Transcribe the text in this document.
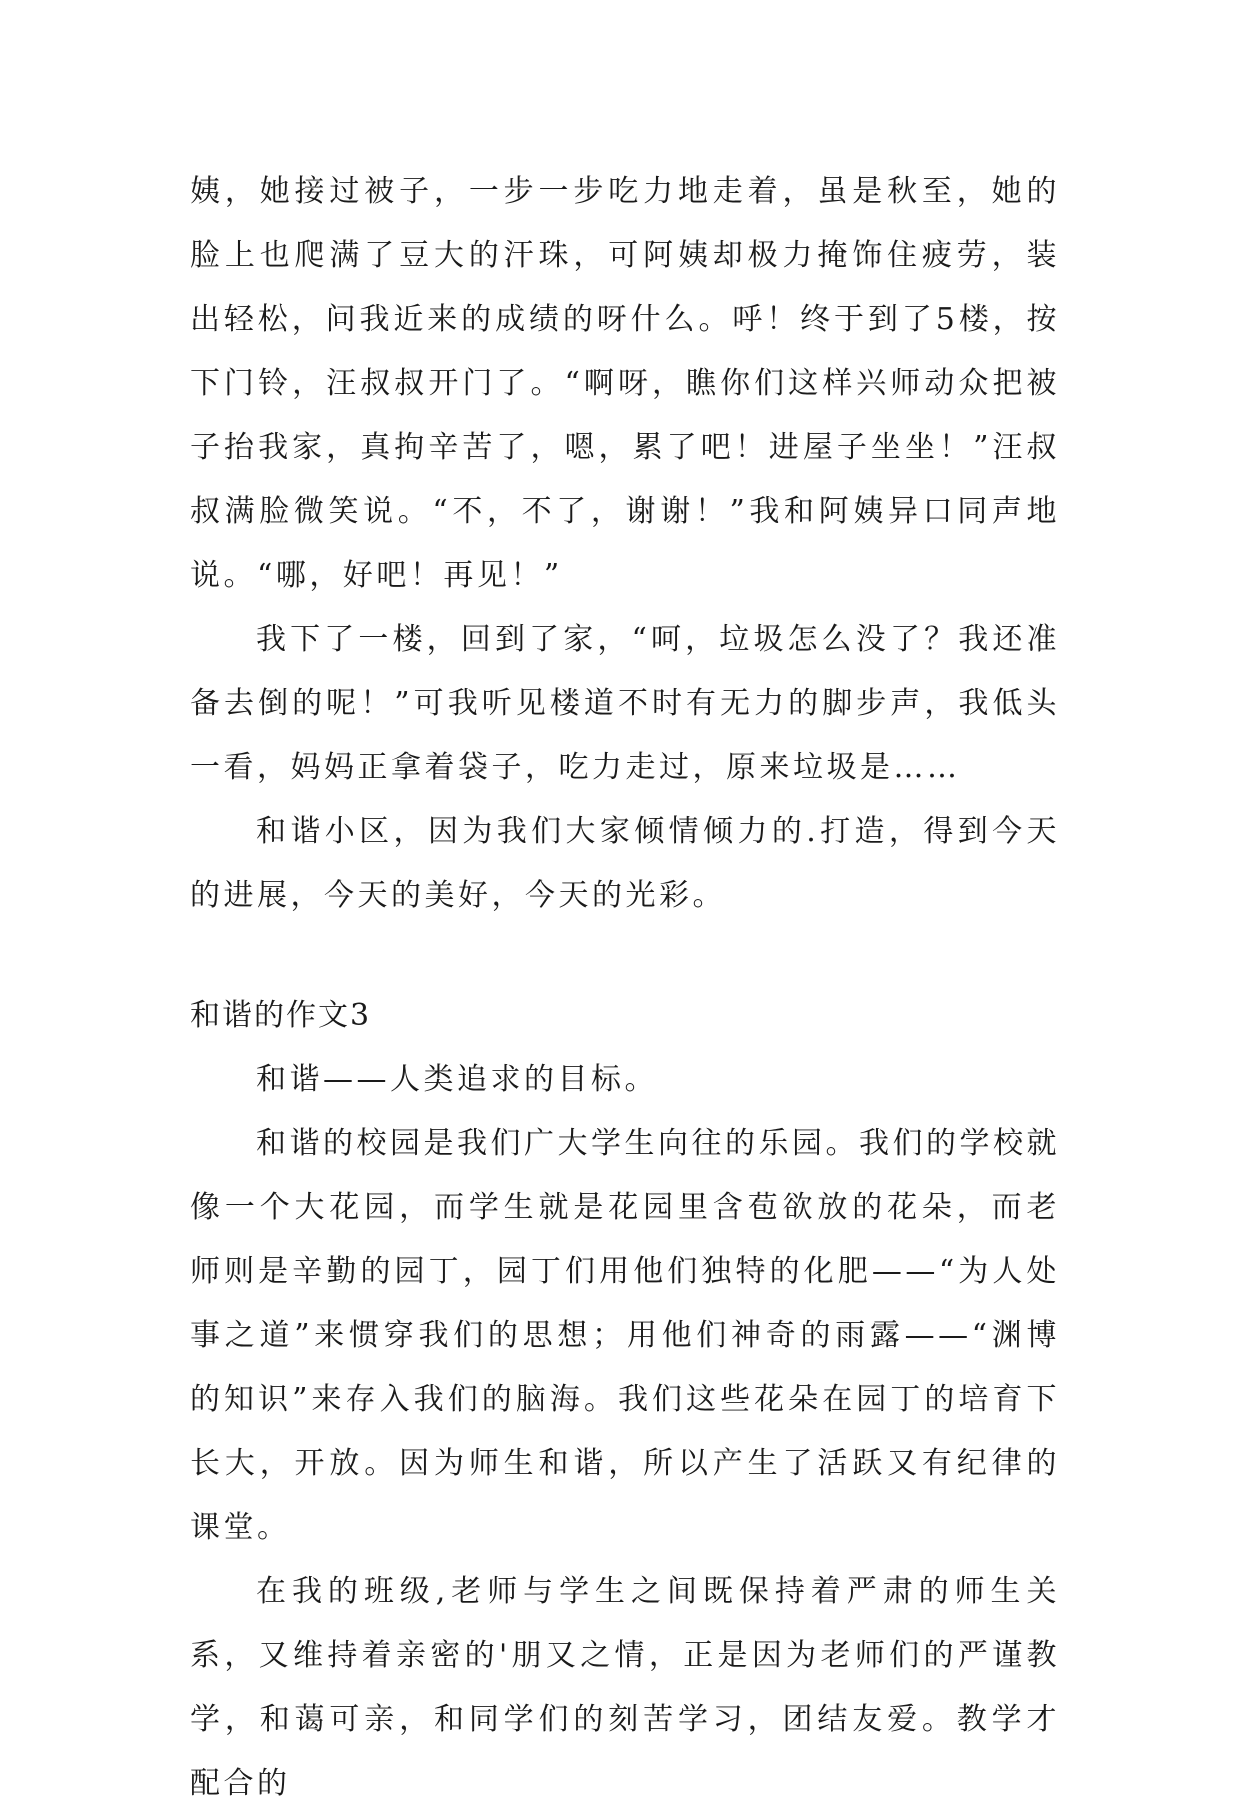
姨，她接过被子，一步一步吃力地走着，虽是秋至，她的脸上也爬满了豆大的汗珠，可阿姨却极力掩饰住疲劳，装出轻松，问我近来的成绩的呀什么。呼！终于到了5楼，按下门铃，汪叔叔开门了。“啊呀，瞧你们这样兴师动众把被子抬我家，真拘辛苦了，嗯，累了吧！进屋子坐坐！”汪叔叔满脸微笑说。“不，不了，谢谢！”我和阿姨异口同声地说。“哪，好吧！再见！”

我下了一楼，回到了家，“呵，垃圾怎么没了？我还准备去倒的呢！”可我听见楼道不时有无力的脚步声，我低头一看，妈妈正拿着袋子，吃力走过，原来垃圾是……

和谐小区，因为我们大家倾情倾力的.打造，得到今天的进展，今天的美好，今天的光彩。

和谐的作文3

和谐——人类追求的目标。

和谐的校园是我们广大学生向往的乐园。我们的学校就像一个大花园，而学生就是花园里含苞欲放的花朵，而老师则是辛勤的园丁，园丁们用他们独特的化肥——“为人处事之道”来惯穿我们的思想；用他们神奇的雨露——“渊博的知识”来存入我们的脑海。我们这些花朵在园丁的培育下长大，开放。因为师生和谐，所以产生了活跃又有纪律的课堂。

在我的班级,老师与学生之间既保持着严肃的师生关系，又维持着亲密的'朋又之情，正是因为老师们的严谨教学，和蔼可亲，和同学们的刻苦学习，团结友爱。教学才配合的
